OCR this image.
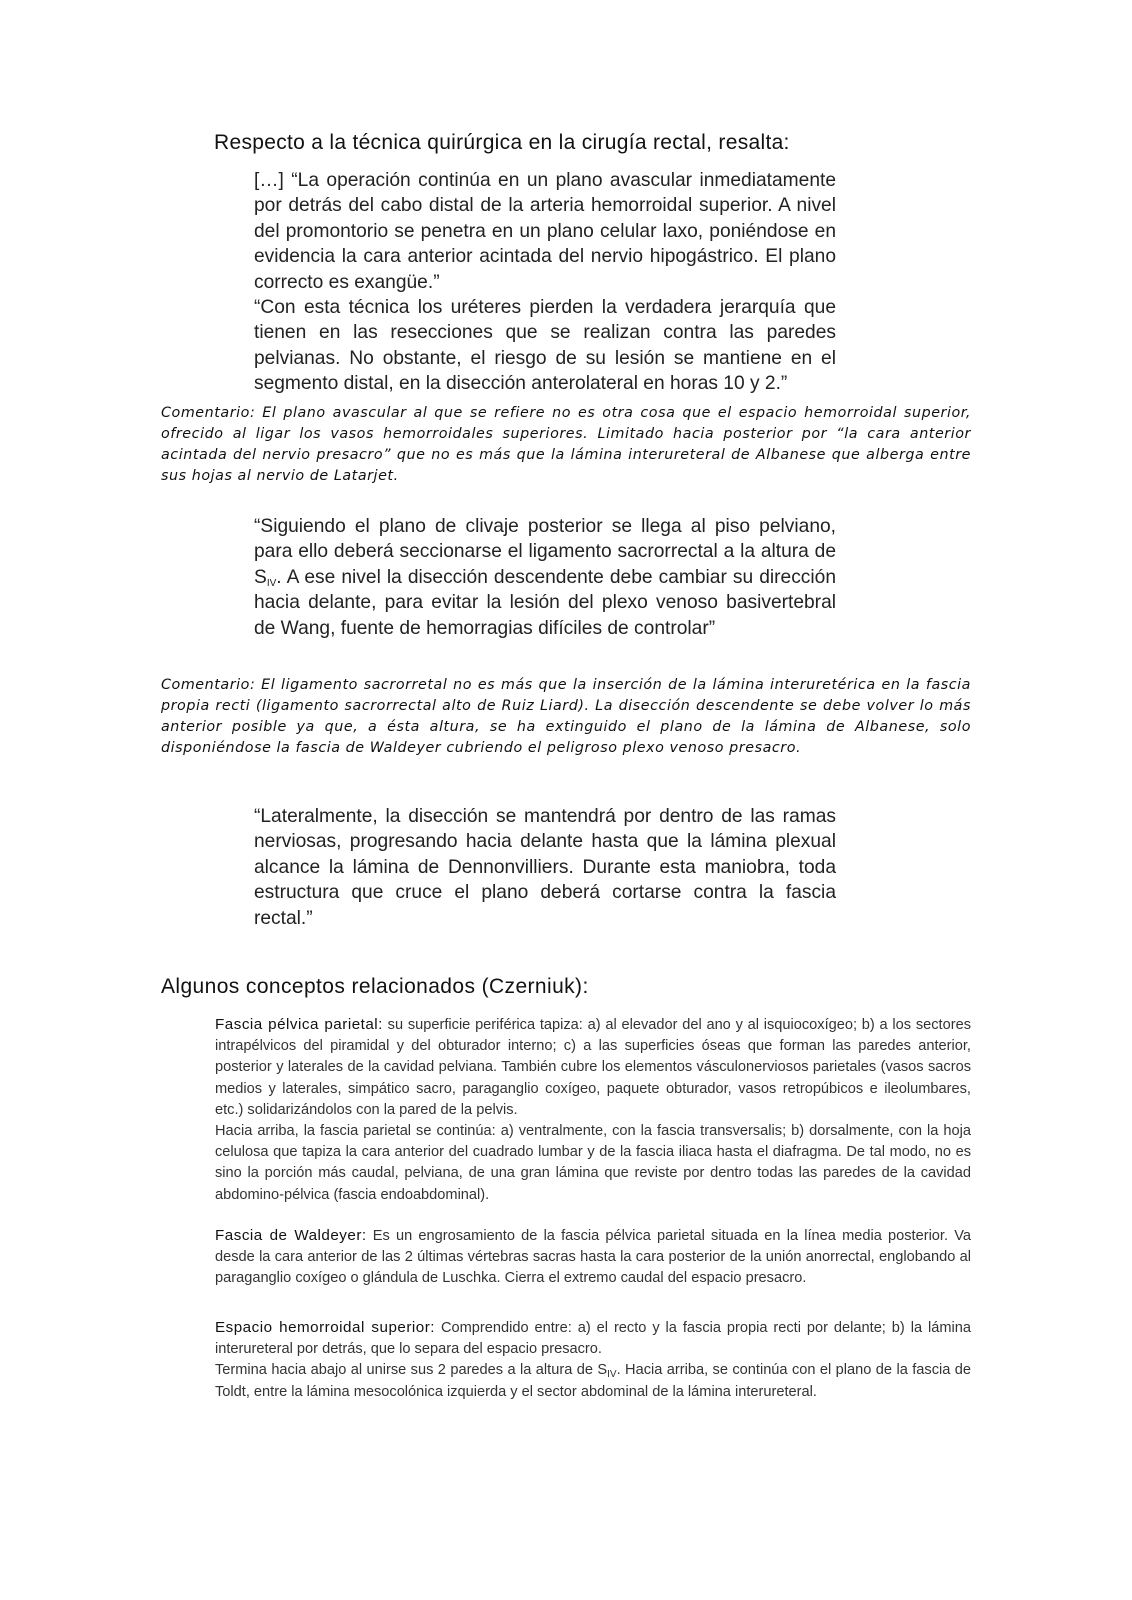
Respecto a la técnica quirúrgica en la cirugía rectal, resalta:

[…] “La operación continúa en un plano avascular inmediatamente por detrás del cabo distal de la arteria hemorroidal superior. A nivel del promontorio se penetra en un plano celular laxo, poniéndose en evidencia la cara anterior acintada del nervio hipogástrico. El plano correcto es exangüe.”

“Con esta técnica los uréteres pierden la verdadera jerarquía que tienen en las resecciones que se realizan contra las paredes pelvianas. No obstante, el riesgo de su lesión se mantiene en el segmento distal, en la disección anterolateral en horas 10 y 2.”

Comentario: El plano avascular al que se refiere no es otra cosa que el espacio hemorroidal superior, ofrecido al ligar los vasos hemorroidales superiores. Limitado hacia posterior por “la cara anterior acintada del nervio presacro” que no es más que la lámina interureteral de Albanese que alberga entre sus hojas al nervio de Latarjet.

“Siguiendo el plano de clivaje posterior se llega al piso pelviano, para ello deberá seccionarse el ligamento sacrorrectal a la altura de $S_{IV}$. A ese nivel la disección descendente debe cambiar su dirección hacia delante, para evitar la lesión del plexo venoso basivertebral de Wang, fuente de hemorragias difíciles de controlar”

Comentario: El ligamento sacrorretal no es más que la inserción de la lámina interuretérica en la fascia propia recti (ligamento sacrorrectal alto de Ruiz Liard). La disección descendente se debe volver lo más anterior posible ya que, a ésta altura, se ha extinguido el plano de la lámina de Albanese, solo disponiéndose la fascia de Waldeyer cubriendo el peligroso plexo venoso presacro.

“Lateralmente, la disección se mantendrá por dentro de las ramas nerviosas, progresando hacia delante hasta que la lámina plexual alcance la lámina de Dennonvilliers. Durante esta maniobra, toda estructura que cruce el plano deberá cortarse contra la fascia rectal.”

Algunos conceptos relacionados (Czerniuk):

Fascia pélvica parietal: su superficie periférica tapiza: a) al elevador del ano y al isquiocoxígeo; b) a los sectores intrapélvicos del piramidal y del obturador interno; c) a las superficies óseas que forman las paredes anterior, posterior y laterales de la cavidad pelviana. También cubre los elementos vásculonerviosos parietales (vasos sacros medios y laterales, simpático sacro, paraganglio coxígeo, paquete obturador, vasos retropúbicos e ileolumbares, etc.) solidarizándolos con la pared de la pelvis.

Hacia arriba, la fascia parietal se continúa: a) ventralmente, con la fascia transversalis; b) dorsalmente, con la hoja celulosa que tapiza la cara anterior del cuadrado lumbar y de la fascia iliaca hasta el diafragma. De tal modo, no es sino la porción más caudal, pelviana, de una gran lámina que reviste por dentro todas las paredes de la cavidad abdomino-pélvica (fascia endoabdominal).

Fascia de Waldeyer: Es un engrosamiento de la fascia pélvica parietal situada en la línea media posterior. Va desde la cara anterior de las 2 últimas vértebras sacras hasta la cara posterior de la unión anorrectal, englobando al paraganglio coxígeo o glándula de Luschka. Cierra el extremo caudal del espacio presacro.

Espacio hemorroidal superior: Comprendido entre: a) el recto y la fascia propia recti por delante; b) la lámina interureteral por detrás, que lo separa del espacio presacro.

Termina hacia abajo al unirse sus 2 paredes a la altura de $S_{IV}$. Hacia arriba, se continúa con el plano de la fascia de Toldt, entre la lámina mesocolónica izquierda y el sector abdominal de la lámina interureteral.
